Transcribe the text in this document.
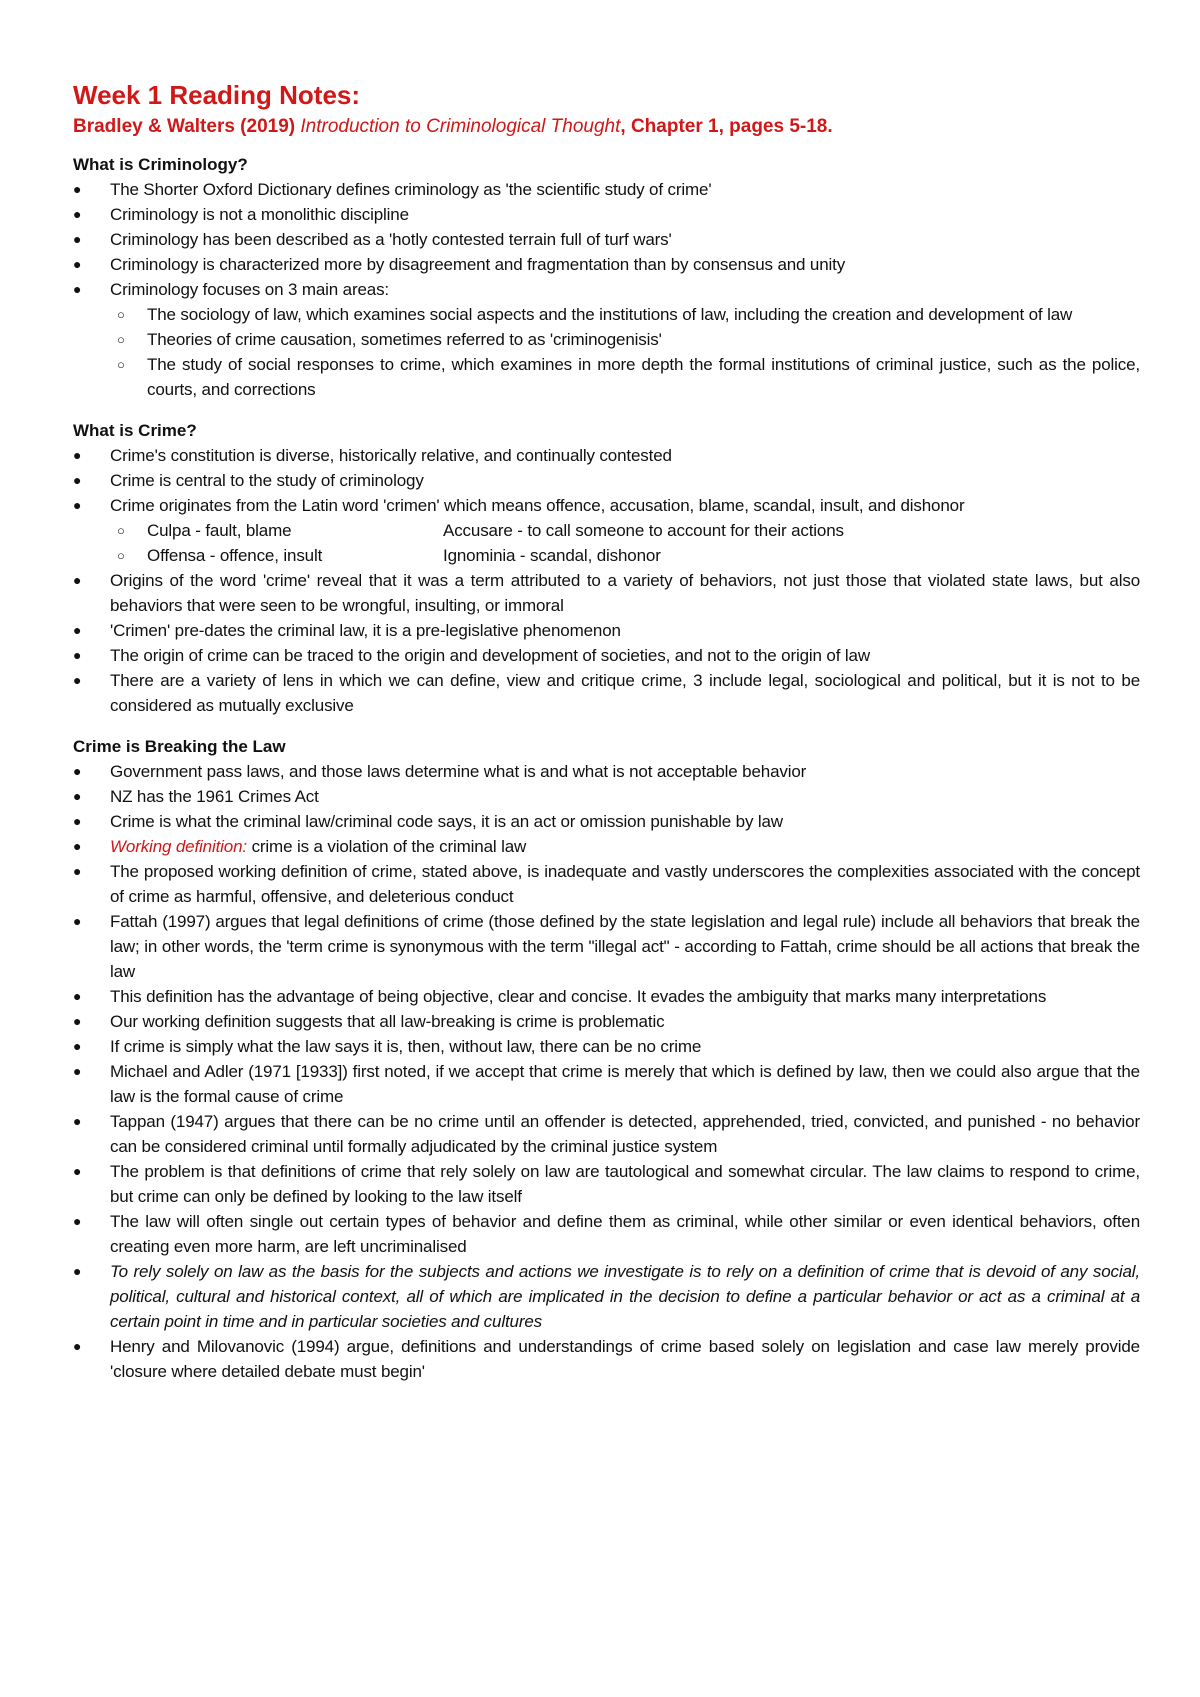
Week 1 Reading Notes:
Bradley & Walters (2019) Introduction to Criminological Thought, Chapter 1, pages 5-18.
What is Criminology?
● The Shorter Oxford Dictionary defines criminology as 'the scientific study of crime'
● Criminology is not a monolithic discipline
● Criminology has been described as a 'hotly contested terrain full of turf wars'
● Criminology is characterized more by disagreement and fragmentation than by consensus and unity
● Criminology focuses on 3 main areas:
○ The sociology of law, which examines social aspects and the institutions of law, including the creation and development of law
○ Theories of crime causation, sometimes referred to as 'criminogenisis'
○ The study of social responses to crime, which examines in more depth the formal institutions of criminal justice, such as the police, courts, and corrections
What is Crime?
● Crime's constitution is diverse, historically relative, and continually contested
● Crime is central to the study of criminology
● Crime originates from the Latin word 'crimen' which means offence, accusation, blame, scandal, insult, and dishonor
○ Culpa - fault, blame	Accusare - to call someone to account for their actions
○ Offensa - offence, insult	Ignominia - scandal, dishonor
● Origins of the word 'crime' reveal that it was a term attributed to a variety of behaviors, not just those that violated state laws, but also behaviors that were seen to be wrongful, insulting, or immoral
● 'Crimen' pre-dates the criminal law, it is a pre-legislative phenomenon
● The origin of crime can be traced to the origin and development of societies, and not to the origin of law
● There are a variety of lens in which we can define, view and critique crime, 3 include legal, sociological and political, but it is not to be considered as mutually exclusive
Crime is Breaking the Law
● Government pass laws, and those laws determine what is and what is not acceptable behavior
● NZ has the 1961 Crimes Act
● Crime is what the criminal law/criminal code says, it is an act or omission punishable by law
● Working definition: crime is a violation of the criminal law
● The proposed working definition of crime, stated above, is inadequate and vastly underscores the complexities associated with the concept of crime as harmful, offensive, and deleterious conduct
● Fattah (1997) argues that legal definitions of crime (those defined by the state legislation and legal rule) include all behaviors that break the law; in other words, the 'term crime is synonymous with the term "illegal act" - according to Fattah, crime should be all actions that break the law
● This definition has the advantage of being objective, clear and concise. It evades the ambiguity that marks many interpretations
● Our working definition suggests that all law-breaking is crime is problematic
● If crime is simply what the law says it is, then, without law, there can be no crime
● Michael and Adler (1971 [1933]) first noted, if we accept that crime is merely that which is defined by law, then we could also argue that the law is the formal cause of crime
● Tappan (1947) argues that there can be no crime until an offender is detected, apprehended, tried, convicted, and punished - no behavior can be considered criminal until formally adjudicated by the criminal justice system
● The problem is that definitions of crime that rely solely on law are tautological and somewhat circular. The law claims to respond to crime, but crime can only be defined by looking to the law itself
● The law will often single out certain types of behavior and define them as criminal, while other similar or even identical behaviors, often creating even more harm, are left uncriminalised
● To rely solely on law as the basis for the subjects and actions we investigate is to rely on a definition of crime that is devoid of any social, political, cultural and historical context, all of which are implicated in the decision to define a particular behavior or act as a criminal at a certain point in time and in particular societies and cultures
● Henry and Milovanovic (1994) argue, definitions and understandings of crime based solely on legislation and case law merely provide 'closure where detailed debate must begin'
